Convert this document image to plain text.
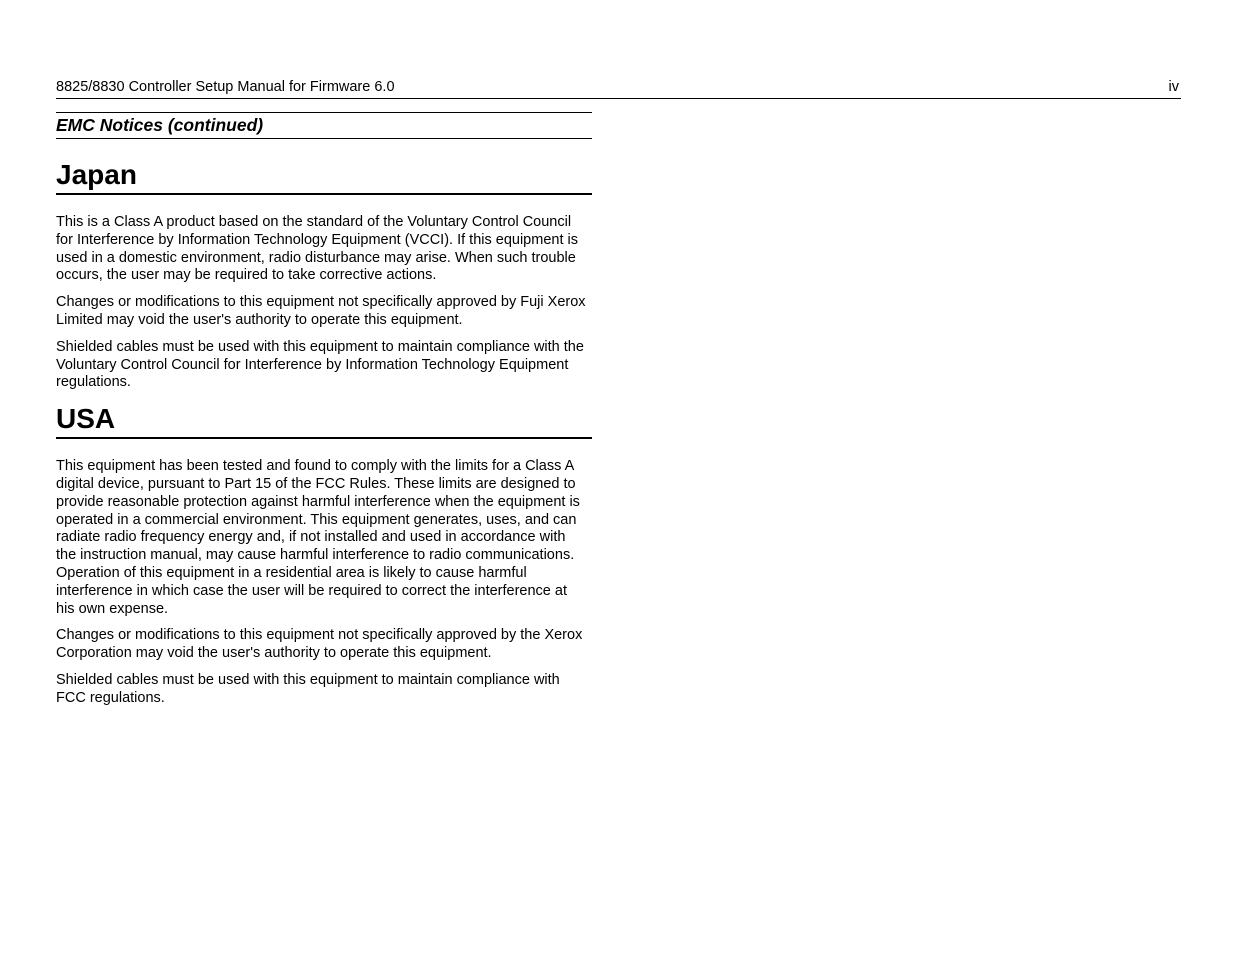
8825/8830 Controller Setup Manual for Firmware 6.0	iv
EMC Notices (continued)
Japan

This is a Class A product based on the standard of the Voluntary Control Council for Interference by Information Technology Equipment (VCCI). If this equipment is used in a domestic environment, radio disturbance may arise. When such trouble occurs, the user may be required to take corrective actions.

Changes or modifications to this equipment not specifically approved by Fuji Xerox Limited may void the user's authority to operate this equipment.

Shielded cables must be used with this equipment to maintain compliance with the Voluntary Control Council for Interference by Information Technology Equipment regulations.

USA

This equipment has been tested and found to comply with the limits for a Class A digital device, pursuant to Part 15 of the FCC Rules. These limits are designed to provide reasonable protection against harmful interference when the equipment is operated in a commercial environment. This equipment generates, uses, and can radiate radio frequency energy and, if not installed and used in accordance with the instruction manual, may cause harmful interference to radio communications. Operation of this equipment in a residential area is likely to cause harmful interference in which case the user will be required to correct the interference at his own expense.

Changes or modifications to this equipment not specifically approved by the Xerox Corporation may void the user's authority to operate this equipment.

Shielded cables must be used with this equipment to maintain compliance with FCC regulations.
